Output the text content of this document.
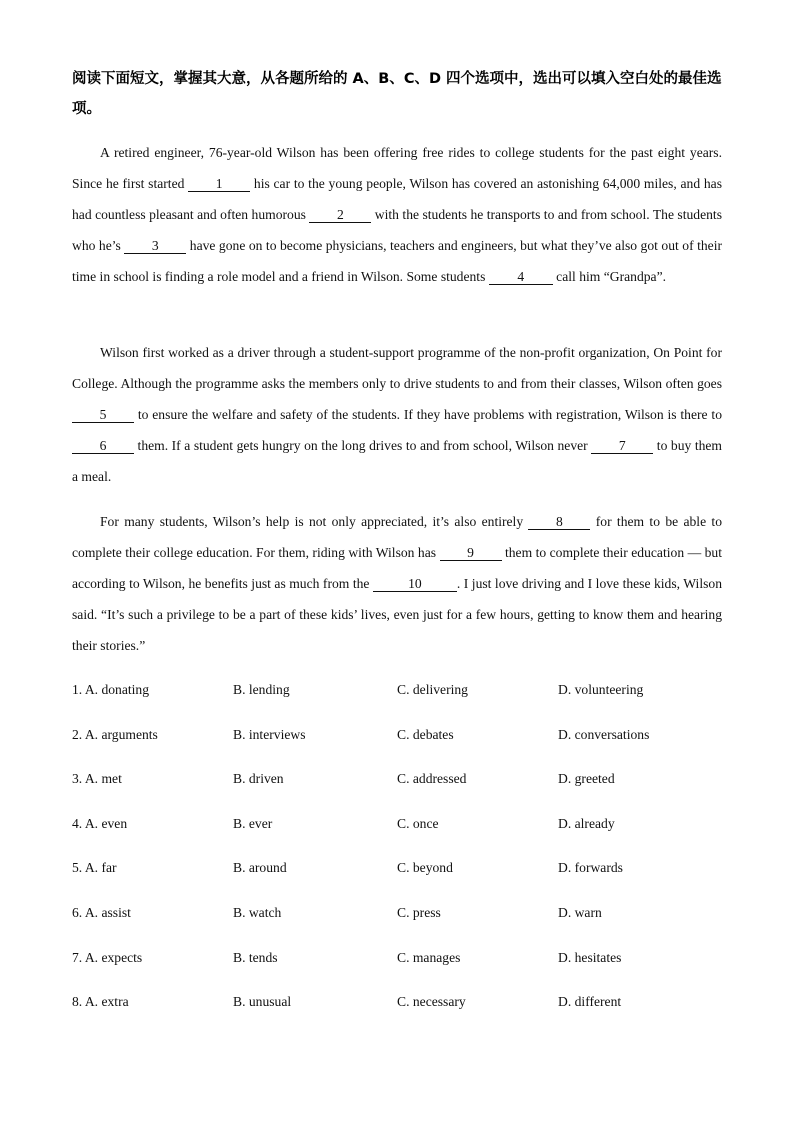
阅读下面短文，掌握其大意，从各题所给的 A、B、C、D 四个选项中，选出可以填入空白处的最佳选项。

A retired engineer, 76-year-old Wilson has been offering free rides to college students for the past eight years. Since he first started 1 his car to the young people, Wilson has covered an astonishing 64,000 miles, and has had countless pleasant and often humorous 2 with the students he transports to and from school. The students who he’s 3 have gone on to become physicians, teachers and engineers, but what they’ve also got out of their time in school is finding a role model and a friend in Wilson. Some students 4 call him “Grandpa”.

Wilson first worked as a driver through a student-support programme of the non-profit organization, On Point for College. Although the programme asks the members only to drive students to and from their classes, Wilson often goes 5 to ensure the welfare and safety of the students. If they have problems with registration, Wilson is there to 6 them. If a student gets hungry on the long drives to and from school, Wilson never 7 to buy them a meal.

For many students, Wilson’s help is not only appreciated, it’s also entirely 8 for them to be able to complete their college education. For them, riding with Wilson has 9 them to complete their education — but according to Wilson, he benefits just as much from the	10	. I just love driving and I love these kids, Wilson said. “It’s such a privilege to be a part of these kids’ lives, even just for a few hours, getting to know them and hearing their stories.”

1. A. donating	B. lending	C. delivering	D. volunteering
2. A. arguments	B. interviews	C. debates	D. conversations
3. A. met	B. driven	C. addressed	D. greeted
4. A. even	B. ever	C. once	D. already
5. A. far	B. around	C. beyond	D. forwards
6. A. assist	B. watch	C. press	D. warn
7. A. expects	B. tends	C. manages	D. hesitates
8. A. extra	B. unusual	C. necessary	D. different
